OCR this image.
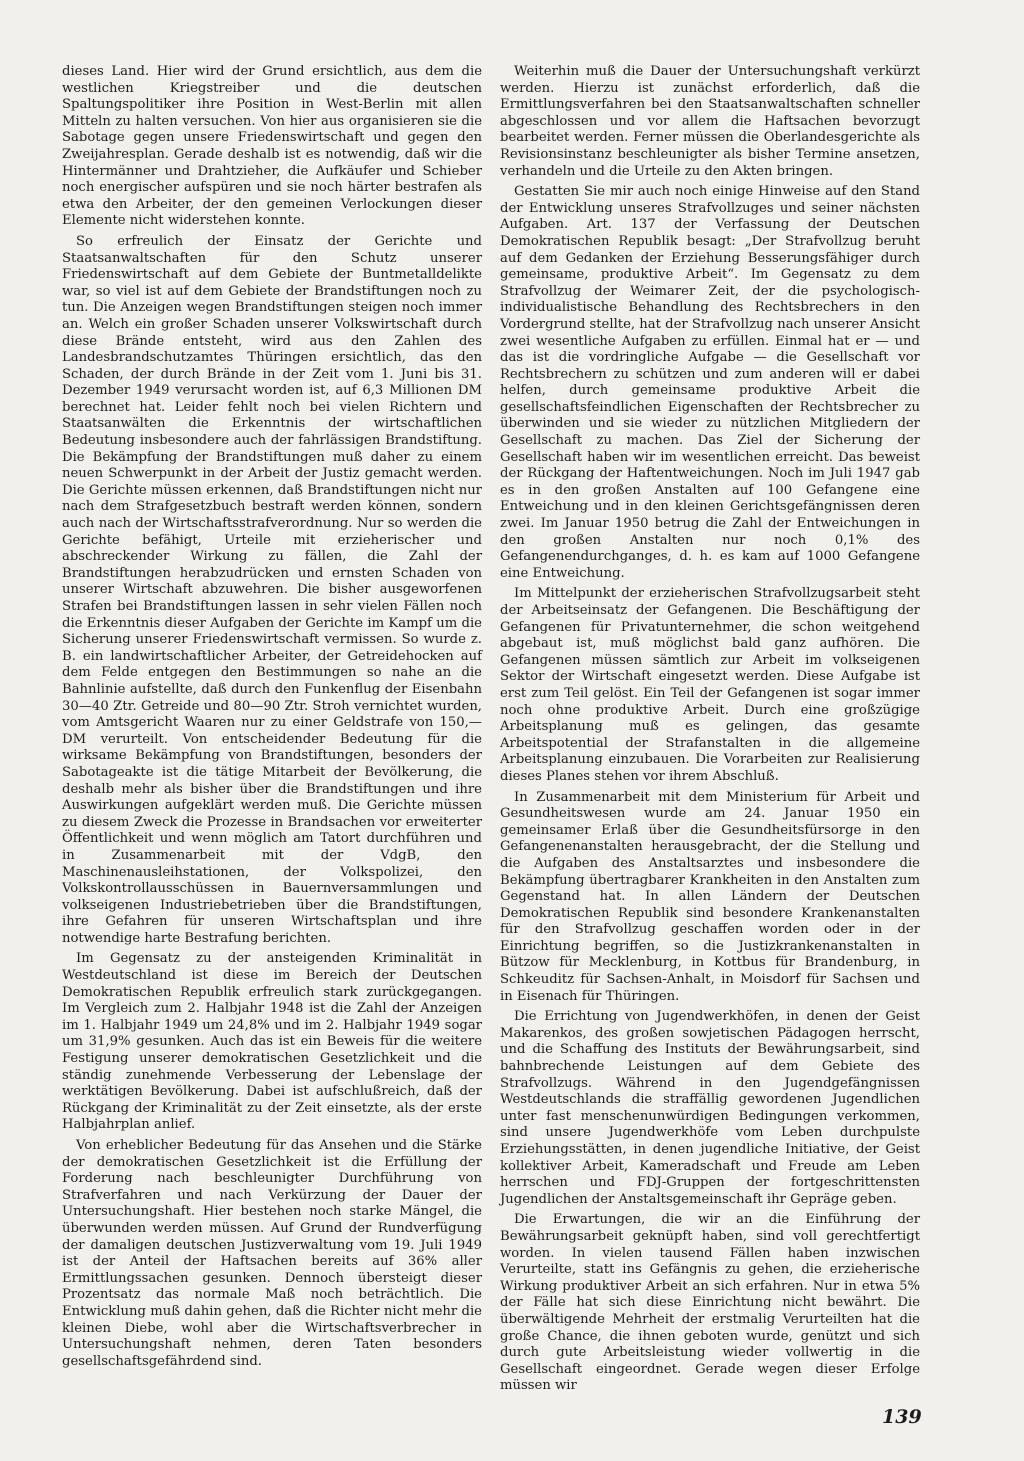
dieses Land. Hier wird der Grund ersichtlich, aus dem die westlichen Kriegstreiber und die deutschen Spaltungspolitiker ihre Position in West-Berlin mit allen Mitteln zu halten versuchen. Von hier aus organisieren sie die Sabotage gegen unsere Friedenswirtschaft und gegen den Zweijahresplan. Gerade deshalb ist es notwendig, daß wir die Hintermänner und Drahtzieher, die Aufkäufer und Schieber noch energischer aufspüren und sie noch härter bestrafen als etwa den Arbeiter, der den gemeinen Verlockungen dieser Elemente nicht widerstehen konnte.

So erfreulich der Einsatz der Gerichte und Staatsanwaltschaften für den Schutz unserer Friedenswirtschaft auf dem Gebiete der Buntmetalldelikte war, so viel ist auf dem Gebiete der Brandstiftungen noch zu tun. Die Anzeigen wegen Brandstiftungen steigen noch immer an. Welch ein großer Schaden unserer Volkswirtschaft durch diese Brände entsteht, wird aus den Zahlen des Landesbrandschutzamtes Thüringen ersichtlich, das den Schaden, der durch Brände in der Zeit vom 1. Juni bis 31. Dezember 1949 verursacht worden ist, auf 6,3 Millionen DM berechnet hat. Leider fehlt noch bei vielen Richtern und Staatsanwälten die Erkenntnis der wirtschaftlichen Bedeutung insbesondere auch der fahrlässigen Brandstiftung. Die Bekämpfung der Brandstiftungen muß daher zu einem neuen Schwerpunkt in der Arbeit der Justiz gemacht werden. Die Gerichte müssen erkennen, daß Brandstiftungen nicht nur nach dem Strafgesetzbuch bestraft werden können, sondern auch nach der Wirtschaftsstrafverordnung. Nur so werden die Gerichte befähigt, Urteile mit erzieherischer und abschreckender Wirkung zu fällen, die Zahl der Brandstiftungen herabzudrücken und ernsten Schaden von unserer Wirtschaft abzuwehren. Die bisher ausgeworfenen Strafen bei Brandstiftungen lassen in sehr vielen Fällen noch die Erkenntnis dieser Aufgaben der Gerichte im Kampf um die Sicherung unserer Friedenswirtschaft vermissen. So wurde z. B. ein landwirtschaftlicher Arbeiter, der Getreidehocken auf dem Felde entgegen den Bestimmungen so nahe an die Bahnlinie aufstellte, daß durch den Funkenflug der Eisenbahn 30—40 Ztr. Getreide und 80—90 Ztr. Stroh vernichtet wurden, vom Amtsgericht Waaren nur zu einer Geldstrafe von 150,— DM verurteilt. Von entscheidender Bedeutung für die wirksame Bekämpfung von Brandstiftungen, besonders der Sabotageakte ist die tätige Mitarbeit der Bevölkerung, die deshalb mehr als bisher über die Brandstiftungen und ihre Auswirkungen aufgeklärt werden muß. Die Gerichte müssen zu diesem Zweck die Prozesse in Brandsachen vor erweiterter Öffentlichkeit und wenn möglich am Tatort durchführen und in Zusammenarbeit mit der VdgB, den Maschinenausleihstationen, der Volkspolizei, den Volkskontrollausschüssen in Bauernversammlungen und volkseigenen Industriebetrieben über die Brandstiftungen, ihre Gefahren für unseren Wirtschaftsplan und ihre notwendige harte Bestrafung berichten.

Im Gegensatz zu der ansteigenden Kriminalität in Westdeutschland ist diese im Bereich der Deutschen Demokratischen Republik erfreulich stark zurückgegangen. Im Vergleich zum 2. Halbjahr 1948 ist die Zahl der Anzeigen im 1. Halbjahr 1949 um 24,8% und im 2. Halbjahr 1949 sogar um 31,9% gesunken. Auch das ist ein Beweis für die weitere Festigung unserer demokratischen Gesetzlichkeit und die ständig zunehmende Verbesserung der Lebenslage der werktätigen Bevölkerung. Dabei ist aufschlußreich, daß der Rückgang der Kriminalität zu der Zeit einsetzte, als der erste Halbjahrplan anlief.

Von erheblicher Bedeutung für das Ansehen und die Stärke der demokratischen Gesetzlichkeit ist die Erfüllung der Forderung nach beschleunigter Durchführung von Strafverfahren und nach Verkürzung der Dauer der Untersuchungshaft. Hier bestehen noch starke Mängel, die überwunden werden müssen. Auf Grund der Rundverfügung der damaligen deutschen Justizverwaltung vom 19. Juli 1949 ist der Anteil der Haftsachen bereits auf 36% aller Ermittlungssachen gesunken. Dennoch übersteigt dieser Prozentsatz das normale Maß noch beträchtlich. Die Entwicklung muß dahin gehen, daß die Richter nicht mehr die kleinen Diebe, wohl aber die Wirtschaftsverbrecher in Untersuchungshaft nehmen, deren Taten besonders gesellschaftsgefährdend sind.

Weiterhin muß die Dauer der Untersuchungshaft verkürzt werden. Hierzu ist zunächst erforderlich, daß die Ermittlungsverfahren bei den Staatsanwaltschaften schneller abgeschlossen und vor allem die Haftsachen bevorzugt bearbeitet werden. Ferner müssen die Oberlandesgerichte als Revisionsinstanz beschleunigter als bisher Termine ansetzen, verhandeln und die Urteile zu den Akten bringen.

Gestatten Sie mir auch noch einige Hinweise auf den Stand der Entwicklung unseres Strafvollzuges und seiner nächsten Aufgaben. Art. 137 der Verfassung der Deutschen Demokratischen Republik besagt: „Der Strafvollzug beruht auf dem Gedanken der Erziehung Besserungsfähiger durch gemeinsame, produktive Arbeit“. Im Gegensatz zu dem Strafvollzug der Weimarer Zeit, der die psychologisch-individualistische Behandlung des Rechtsbrechers in den Vordergrund stellte, hat der Strafvollzug nach unserer Ansicht zwei wesentliche Aufgaben zu erfüllen. Einmal hat er — und das ist die vordringliche Aufgabe — die Gesellschaft vor Rechtsbrechern zu schützen und zum anderen will er dabei helfen, durch gemeinsame produktive Arbeit die gesellschaftsfeindlichen Eigenschaften der Rechtsbrecher zu überwinden und sie wieder zu nützlichen Mitgliedern der Gesellschaft zu machen. Das Ziel der Sicherung der Gesellschaft haben wir im wesentlichen erreicht. Das beweist der Rückgang der Haftentweichungen. Noch im Juli 1947 gab es in den großen Anstalten auf 100 Gefangene eine Entweichung und in den kleinen Gerichtsgefängnissen deren zwei. Im Januar 1950 betrug die Zahl der Entweichungen in den großen Anstalten nur noch 0,1% des Gefangenendurchganges, d. h. es kam auf 1000 Gefangene eine Entweichung.

Im Mittelpunkt der erzieherischen Strafvollzugsarbeit steht der Arbeitseinsatz der Gefangenen. Die Beschäftigung der Gefangenen für Privatunternehmer, die schon weitgehend abgebaut ist, muß möglichst bald ganz aufhören. Die Gefangenen müssen sämtlich zur Arbeit im volkseigenen Sektor der Wirtschaft eingesetzt werden. Diese Aufgabe ist erst zum Teil gelöst. Ein Teil der Gefangenen ist sogar immer noch ohne produktive Arbeit. Durch eine großzügige Arbeitsplanung muß es gelingen, das gesamte Arbeitspotential der Strafanstalten in die allgemeine Arbeitsplanung einzubauen. Die Vorarbeiten zur Realisierung dieses Planes stehen vor ihrem Abschluß.

In Zusammenarbeit mit dem Ministerium für Arbeit und Gesundheitswesen wurde am 24. Januar 1950 ein gemeinsamer Erlaß über die Gesundheitsfürsorge in den Gefangenenanstalten herausgebracht, der die Stellung und die Aufgaben des Anstaltsarztes und insbesondere die Bekämpfung übertragbarer Krankheiten in den Anstalten zum Gegenstand hat. In allen Ländern der Deutschen Demokratischen Republik sind besondere Krankenanstalten für den Strafvollzug geschaffen worden oder in der Einrichtung begriffen, so die Justizkrankenanstalten in Bützow für Mecklenburg, in Kottbus für Brandenburg, in Schkeuditz für Sachsen-Anhalt, in Moisdorf für Sachsen und in Eisenach für Thüringen.

Die Errichtung von Jugendwerkhöfen, in denen der Geist Makarenkos, des großen sowjetischen Pädagogen herrscht, und die Schaffung des Instituts der Bewährungsarbeit, sind bahnbrechende Leistungen auf dem Gebiete des Strafvollzugs. Während in den Jugendgefängnissen Westdeutschlands die straffällig gewordenen Jugendlichen unter fast menschenunwürdigen Bedingungen verkommen, sind unsere Jugendwerkhöfe vom Leben durchpulste Erziehungsstätten, in denen jugendliche Initiative, der Geist kollektiver Arbeit, Kameradschaft und Freude am Leben herrschen und FDJ-Gruppen der fortgeschrittensten Jugendlichen der Anstaltsgemeinschaft ihr Gepräge geben.

Die Erwartungen, die wir an die Einführung der Bewährungsarbeit geknüpft haben, sind voll gerechtfertigt worden. In vielen tausend Fällen haben inzwischen Verurteilte, statt ins Gefängnis zu gehen, die erzieherische Wirkung produktiver Arbeit an sich erfahren. Nur in etwa 5% der Fälle hat sich diese Einrichtung nicht bewährt. Die überwältigende Mehrheit der erstmalig Verurteilten hat die große Chance, die ihnen geboten wurde, genützt und sich durch gute Arbeitsleistung wieder vollwertig in die Gesellschaft eingeordnet. Gerade wegen dieser Erfolge müssen wir

139
